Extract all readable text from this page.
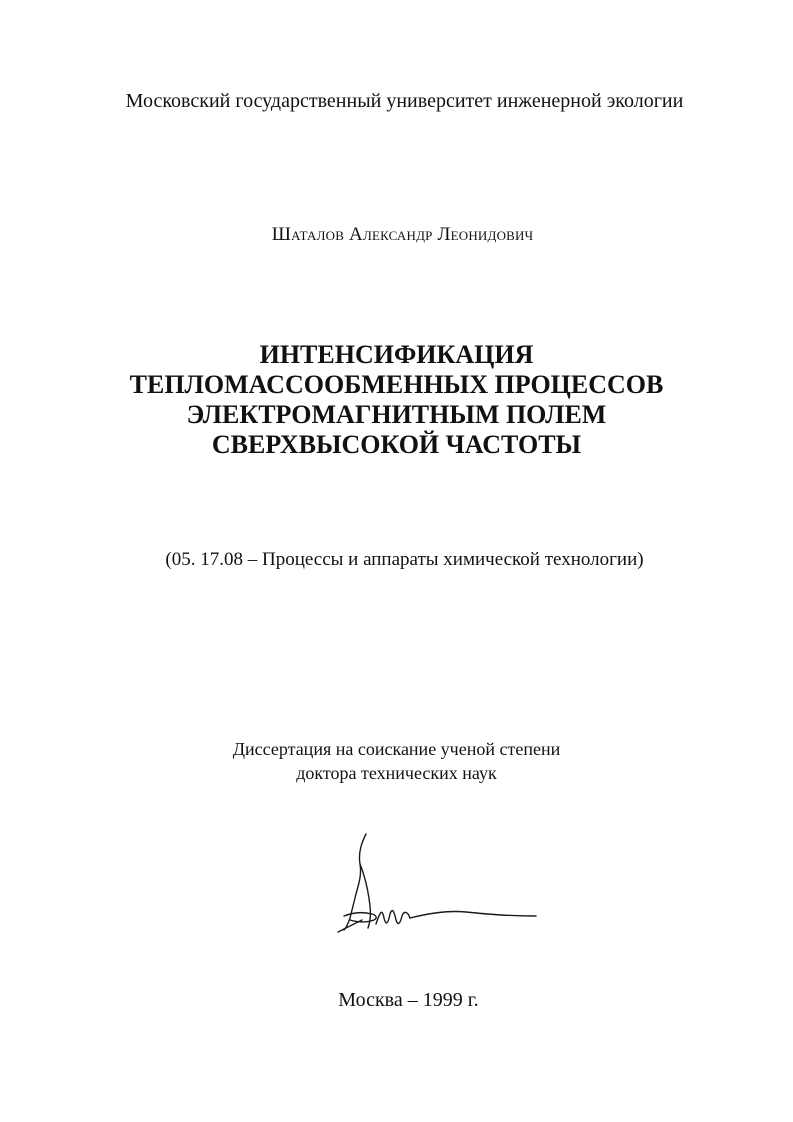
Московский государственный университет инженерной экологии
Шаталов Александр Леонидович
ИНТЕНСИФИКАЦИЯ
ТЕПЛОМАССООБМЕННЫХ ПРОЦЕССОВ
ЭЛЕКТРОМАГНИТНЫМ ПОЛЕМ
СВЕРХВЫСОКОЙ ЧАСТОТЫ
(05. 17.08 – Процессы и аппараты химической технологии)
Диссертация на соискание ученой степени
доктора технических наук
Москва – 1999 г.
